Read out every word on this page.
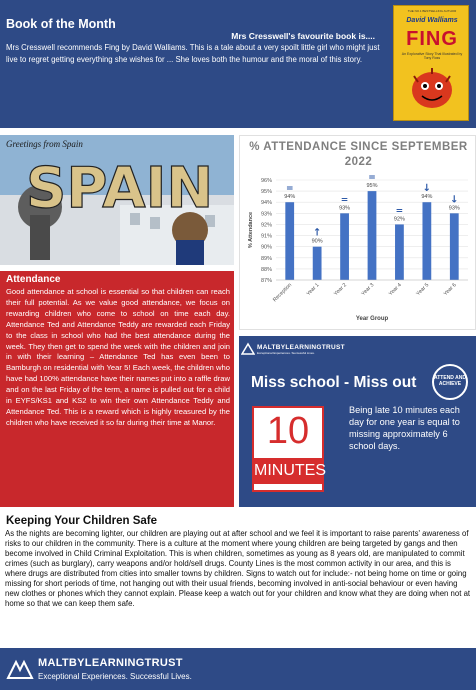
Book of the Month
Mrs Cresswell's favourite book is....
Mrs Cresswell recommends Fing by David Walliams. This is a tale about a very spoilt little girl who might just live to regret getting everything she wishes for ... She loves both the humour and the moral of this story.
THE NO.1 BESTSELLING AUTHOR
David Walliams
FING
An Explorative Story That Illustrated by Tony Ross
SPAIN
Greetings from Spain	% ATTENDANCE SINCE SEPTEMBER 2022
87%
88%
89%
90%
91%
92%
93%
94%
95%
96%
94%
=
Reception
90%
↑
Year 1
93%
=
Year 2
95%
=
Year 3
92%
=
Year 4
94%
↓
Year 5
93%
↓
Year 6
Year Group
% Attendance
Attendance
Good attendance at school is essential so that children can reach their full potential. As we value good attendance, we focus on rewarding children who come to school on time each day. Attendance Ted and Attendance Teddy are rewarded each Friday to the class in school who had the best attendance during the week. They then get to spend the week with the children and join in with their learning – Attendance Ted has even been to Bamburgh on residential with Year 5! Each week, the children who have had 100% attendance have their names put into a raffle draw and on the last Friday of the term, a name is pulled out for a child in EYFS/KS1 and KS2 to win their own Attendance Teddy and Attendance Ted. This is a reward which is highly treasured by the children who have received it so far during their time at Manor.
MALTBYLEARNINGTRUST
Exceptional Experiences. Successful Lives.
Miss school - Miss out	ATTEND AND ACHIEVE
10
MINUTES
Being late 10 minutes each day for one year is equal to missing approximately 6 school days.
Keeping Your Children Safe
As the nights are becoming lighter, our children are playing out at after school and we feel it is important to raise parents' awareness of risks to our children in the community. There is a culture at the moment where young children are being targeted by gangs and then become involved in Child Criminal Exploitation. This is when children, sometimes as young as 8 years old, are manipulated to commit crimes (such as burglary), carry weapons and/or hold/sell drugs. County Lines is the most common activity in our area, and this is where drugs are distributed from cities into smaller towns by children. Signs to watch out for include:- not being home on time or going missing for short periods of time, not hanging out with their usual friends, becoming involved in anti-social behaviour or even having new clothes or phones which they cannot explain. Please keep a watch out for your children and know what they are doing when not at home so that we can keep them safe.
MALTBYLEARNINGTRUST
Exceptional Experiences. Successful Lives.
